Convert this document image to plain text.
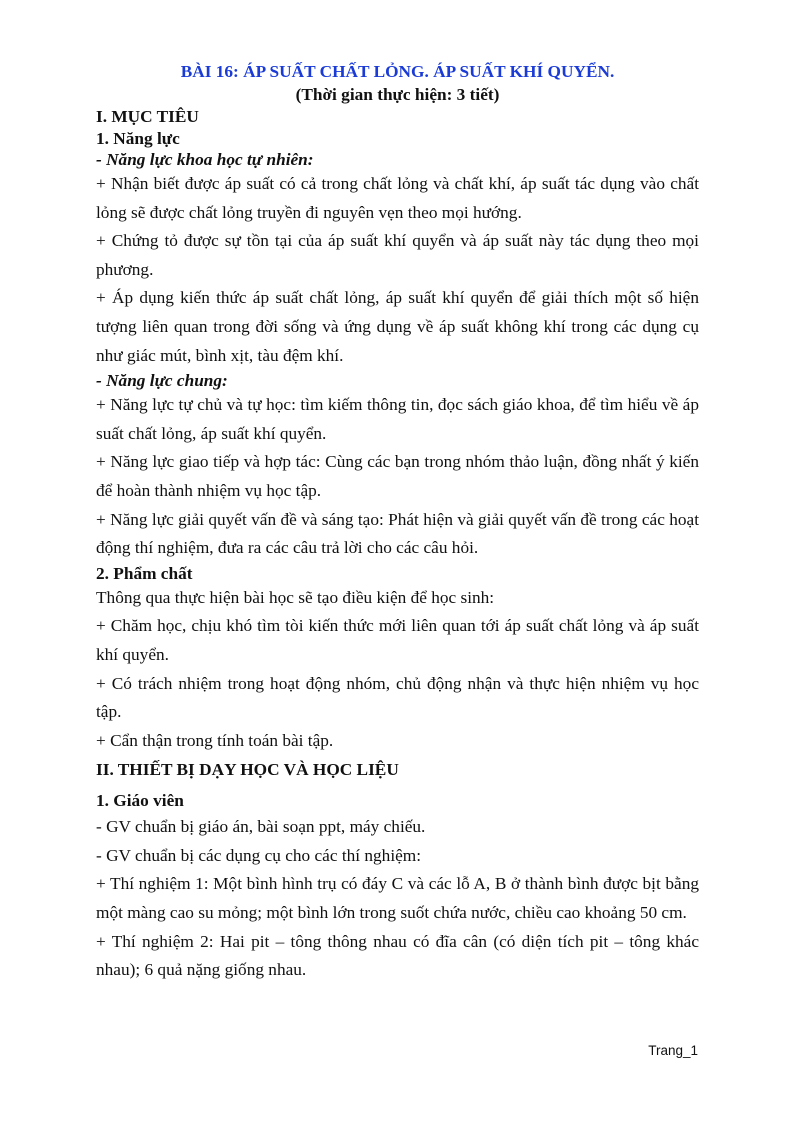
BÀI 16: ÁP SUẤT CHẤT LỎNG. ÁP SUẤT KHÍ QUYỂN.

(Thời gian thực hiện: 3 tiết)

I. MỤC TIÊU

1. Năng lực

- Năng lực khoa học tự nhiên:

+ Nhận biết được áp suất có cả trong chất lỏng và chất khí, áp suất tác dụng vào chất lỏng sẽ được chất lỏng truyền đi nguyên vẹn theo mọi hướng.

+ Chứng tỏ được sự tồn tại của áp suất khí quyển và áp suất này tác dụng theo mọi phương.

+ Áp dụng kiến thức áp suất chất lỏng, áp suất khí quyển để giải thích một số hiện tượng liên quan trong đời sống và ứng dụng về áp suất không khí trong các dụng cụ như giác mút, bình xịt, tàu đệm khí.

- Năng lực chung:

+ Năng lực tự chủ và tự học: tìm kiếm thông tin, đọc sách giáo khoa, để tìm hiểu về áp suất chất lỏng, áp suất khí quyển.

+ Năng lực giao tiếp và hợp tác: Cùng các bạn trong nhóm thảo luận, đồng nhất ý kiến để hoàn thành nhiệm vụ học tập.

+ Năng lực giải quyết vấn đề và sáng tạo: Phát hiện và giải quyết vấn đề trong các hoạt động thí nghiệm, đưa ra các câu trả lời cho các câu hỏi.

2. Phẩm chất

Thông qua thực hiện bài học sẽ tạo điều kiện để học sinh:

+ Chăm học, chịu khó tìm tòi kiến thức mới liên quan tới áp suất chất lỏng và áp suất khí quyển.

+ Có trách nhiệm trong hoạt động nhóm, chủ động nhận và thực hiện nhiệm vụ học tập.

+ Cẩn thận trong tính toán bài tập.

II. THIẾT BỊ DẠY HỌC VÀ HỌC LIỆU

1. Giáo viên

- GV chuẩn bị giáo án, bài soạn ppt, máy chiếu.

- GV chuẩn bị các dụng cụ cho các thí nghiệm:

+ Thí nghiệm 1: Một bình hình trụ có đáy C và các lỗ A, B ở thành bình được bịt bằng một màng cao su mỏng; một bình lớn trong suốt chứa nước, chiều cao khoảng 50 cm.

+ Thí nghiệm 2: Hai pit – tông thông nhau có đĩa cân (có diện tích pit – tông khác nhau); 6 quả nặng giống nhau.

Trang_1
